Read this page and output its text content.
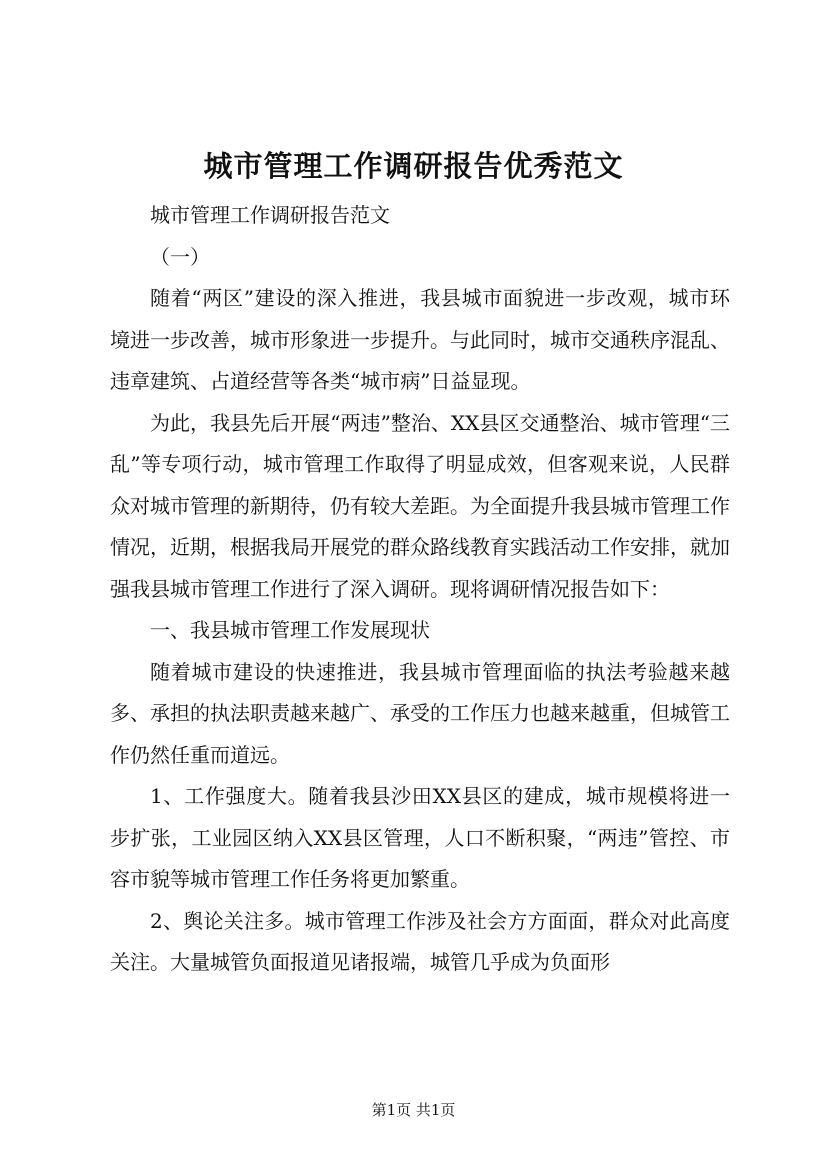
城市管理工作调研报告优秀范文

城市管理工作调研报告范文

（一）

随着“两区”建设的深入推进，我县城市面貌进一步改观，城市环境进一步改善，城市形象进一步提升。与此同时，城市交通秩序混乱、违章建筑、占道经营等各类“城市病”日益显现。

为此，我县先后开展“两违”整治、XX县区交通整治、城市管理“三乱”等专项行动，城市管理工作取得了明显成效，但客观来说，人民群众对城市管理的新期待，仍有较大差距。为全面提升我县城市管理工作情况，近期，根据我局开展党的群众路线教育实践活动工作安排，就加强我县城市管理工作进行了深入调研。现将调研情况报告如下：

一、我县城市管理工作发展现状

随着城市建设的快速推进，我县城市管理面临的执法考验越来越多、承担的执法职责越来越广、承受的工作压力也越来越重，但城管工作仍然任重而道远。

1、工作强度大。随着我县沙田XX县区的建成，城市规模将进一步扩张，工业园区纳入XX县区管理，人口不断积聚，“两违”管控、市容市貌等城市管理工作任务将更加繁重。

2、舆论关注多。城市管理工作涉及社会方方面面，群众对此高度关注。大量城管负面报道见诸报端，城管几乎成为负面形

第1页 共1页
